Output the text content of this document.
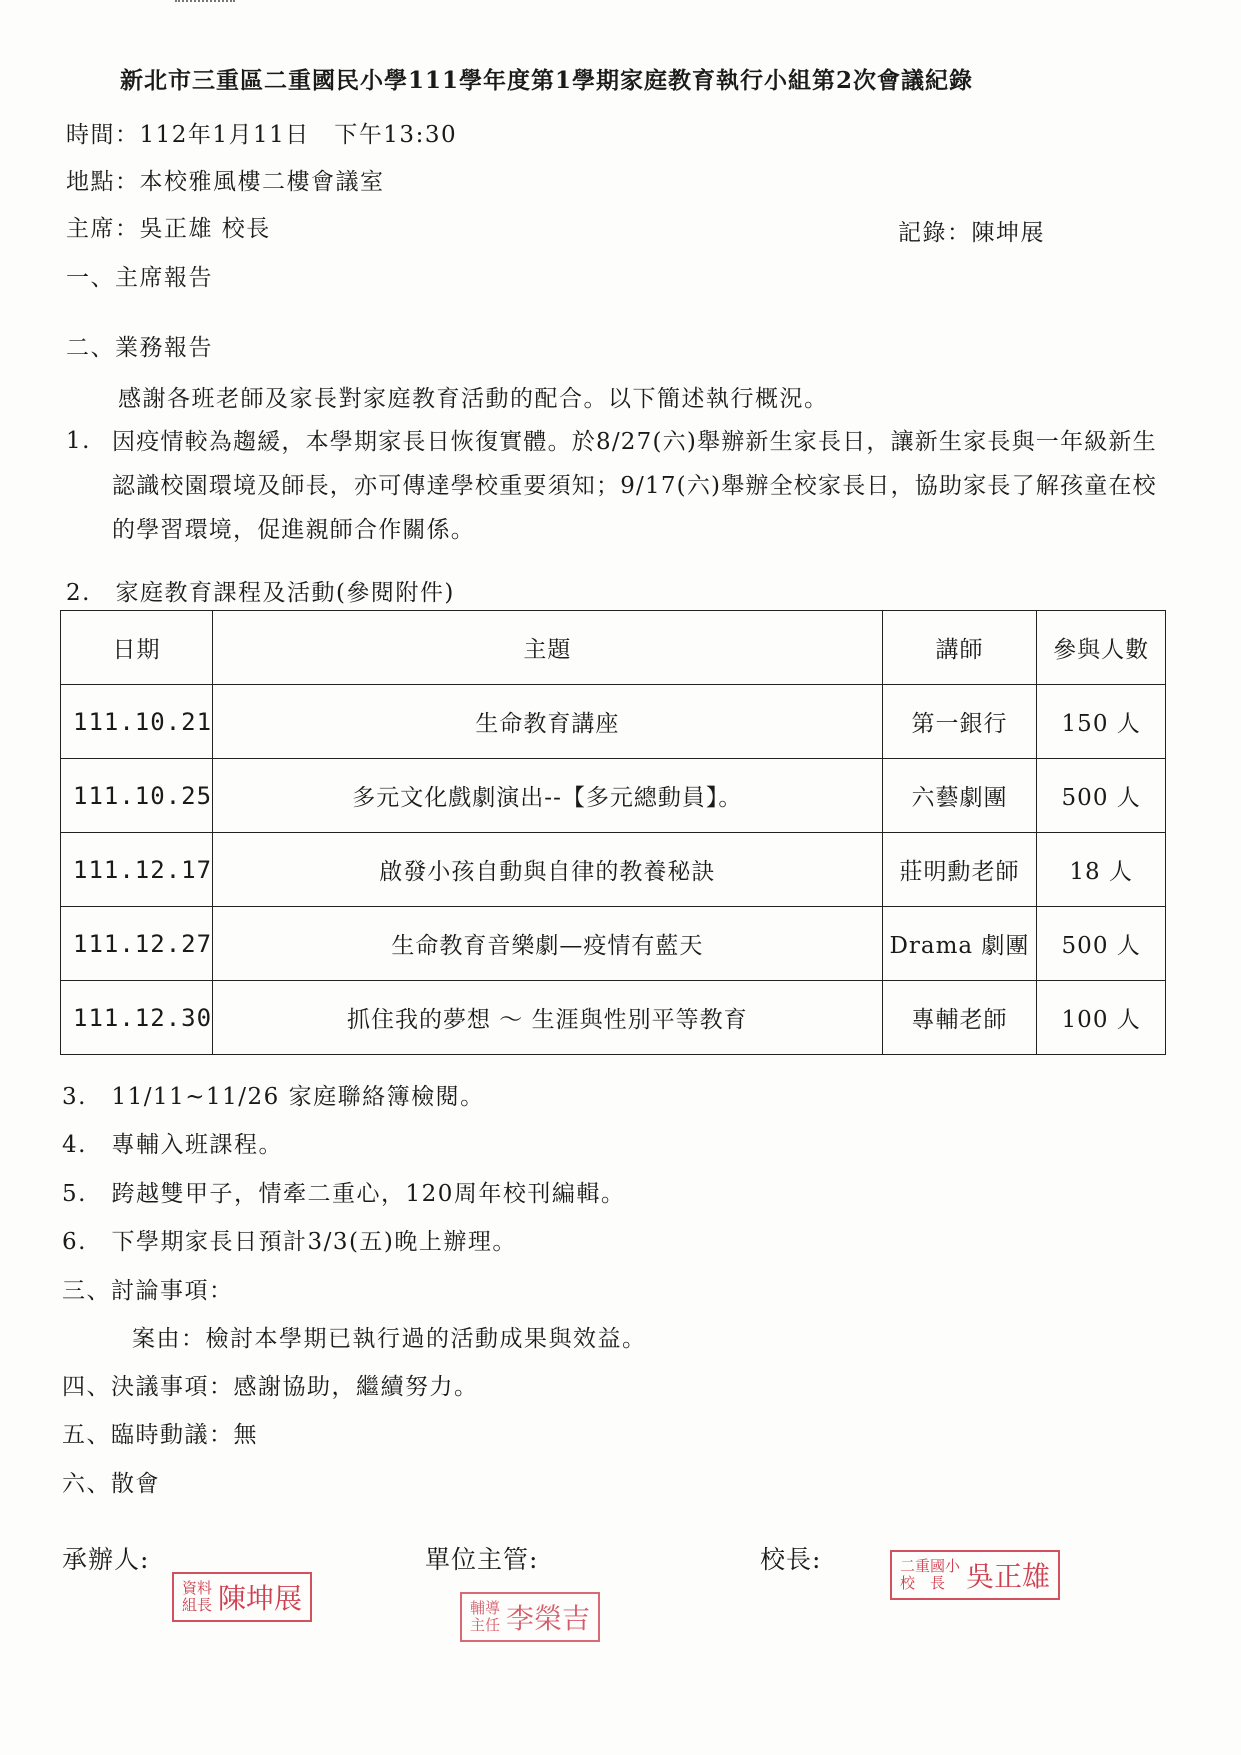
新北市三重區二重國民小學111學年度第1學期家庭教育執行小組第2次會議紀錄
時間：112年1月11日　下午13:30
地點：本校雅風樓二樓會議室
主席：吳正雄 校長	記錄：陳坤展
一、主席報告
二、業務報告
感謝各班老師及家長對家庭教育活動的配合。以下簡述執行概況。
1. 因疫情較為趨緩，本學期家長日恢復實體。於8/27(六)舉辦新生家長日，讓新生家長與一年級新生認識校園環境及師長，亦可傳達學校重要須知；9/17(六)舉辦全校家長日，協助家長了解孩童在校的學習環境，促進親師合作關係。
2.　家庭教育課程及活動(參閱附件)
日期	主題	講師	參與人數
111.10.21	生命教育講座	第一銀行	150 人
111.10.25	多元文化戲劇演出--【多元總動員】。	六藝劇團	500 人
111.12.17	啟發小孩自動與自律的教養秘訣	莊明勳老師	18 人
111.12.27	生命教育音樂劇—疫情有藍天	Drama 劇團	500 人
111.12.30	抓住我的夢想 ～ 生涯與性別平等教育	專輔老師	100 人
3.　11/11~11/26 家庭聯絡簿檢閱。
4.　專輔入班課程。
5.　跨越雙甲子，情牽二重心，120周年校刊編輯。
6.　下學期家長日預計3/3(五)晚上辦理。
三、討論事項：
案由：檢討本學期已執行過的活動成果與效益。
四、決議事項：感謝協助，繼續努力。
五、臨時動議：無
六、散會
承辦人:	單位主管:	校長:
資料
組長 陳坤展	輔導
主任 李榮吉
二重國小
校　長 吳正雄
